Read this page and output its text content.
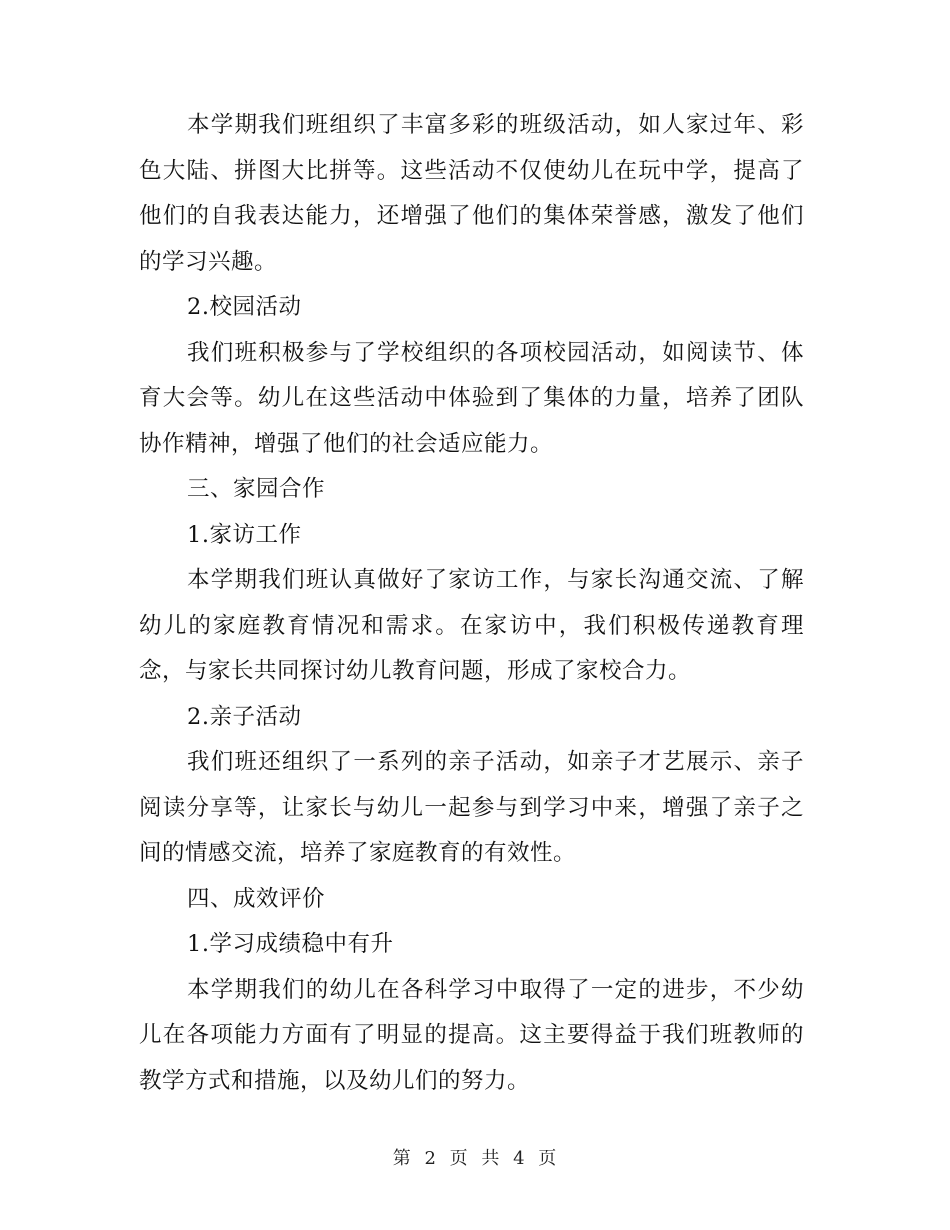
本学期我们班组织了丰富多彩的班级活动，如人家过年、彩色大陆、拼图大比拼等。这些活动不仅使幼儿在玩中学，提高了他们的自我表达能力，还增强了他们的集体荣誉感，激发了他们的学习兴趣。

2.校园活动

我们班积极参与了学校组织的各项校园活动，如阅读节、体育大会等。幼儿在这些活动中体验到了集体的力量，培养了团队协作精神，增强了他们的社会适应能力。

三、家园合作

1.家访工作

本学期我们班认真做好了家访工作，与家长沟通交流、了解幼儿的家庭教育情况和需求。在家访中，我们积极传递教育理念，与家长共同探讨幼儿教育问题，形成了家校合力。

2.亲子活动

我们班还组织了一系列的亲子活动，如亲子才艺展示、亲子阅读分享等，让家长与幼儿一起参与到学习中来，增强了亲子之间的情感交流，培养了家庭教育的有效性。

四、成效评价

1.学习成绩稳中有升

本学期我们的幼儿在各科学习中取得了一定的进步，不少幼儿在各项能力方面有了明显的提高。这主要得益于我们班教师的教学方式和措施，以及幼儿们的努力。

第 2 页 共 4 页
